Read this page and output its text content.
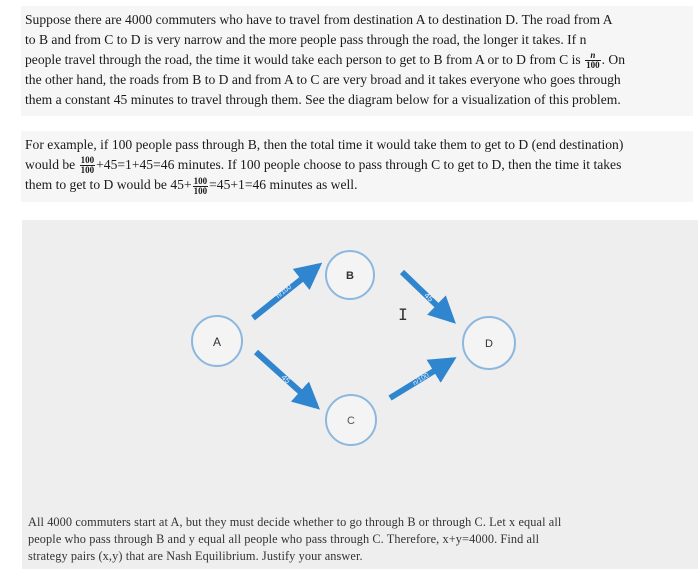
Suppose there are 4000 commuters who have to travel from destination A to destination D. The road from A
to B and from C to D is very narrow and the more people pass through the road, the longer it takes. If n
people travel through the road, the time it would take each person to get to B from A or to D from C is $\frac{n}{100}$ . On
the other hand, the roads from B to D and from A to C are very broad and it takes everyone who goes through
them a constant 45 minutes to travel through them. See the diagram below for a visualization of this problem.
For example, if 100 people pass through B, then the total time it would take them to get to D (end destination)
would be $\frac{100}{100} +45=1+45=46$ minutes. If 100 people choose to pass through C to get to D, then the time it takes
them to get to D would be $45+ \frac{100}{100} =45+1=46$ minutes as well.
A
B
C
D
n/100
45
45
n/100
I
All 4000 commuters start at A, but they must decide whether to go through B or through C. Let x equal all
people who pass through B and y equal all people who pass through C. Therefore, x+y=4000. Find all
strategy pairs (x,y) that are Nash Equilibrium. Justify your answer.
